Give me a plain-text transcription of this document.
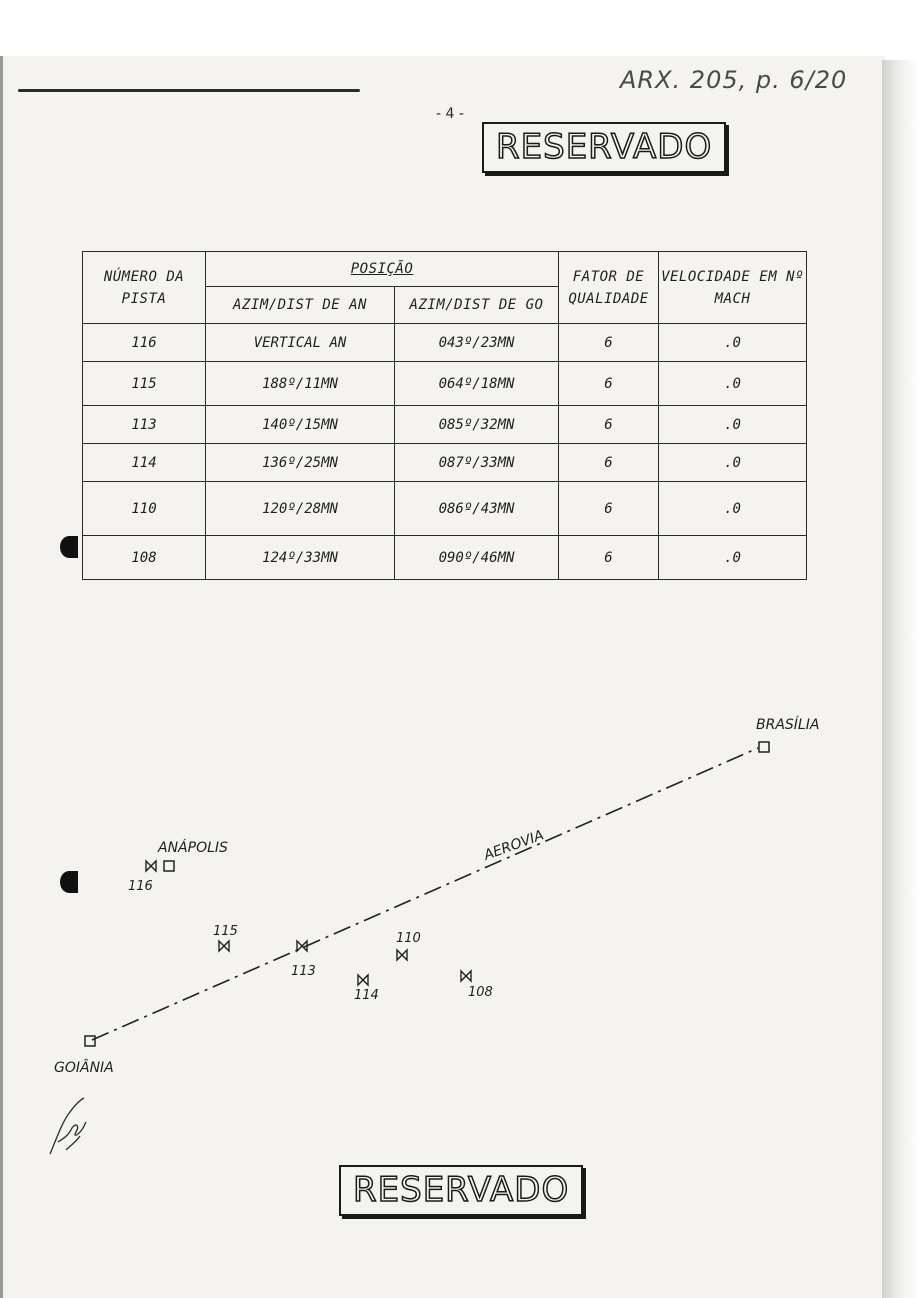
ARX. 205, p. 6/20
- 4 -
RESERVADO
NÚMERO DA PISTA	POSIÇÃO		FATOR DE QUALIDADE	VELOCIDADE EM Nº MACH
	AZIM/DIST DE AN	AZIM/DIST DE GO		
116	VERTICAL AN	043º/23MN	6	.0
115	188º/11MN	064º/18MN	6	.0
113	140º/15MN	085º/32MN	6	.0
114	136º/25MN	087º/33MN	6	.0
110	120º/28MN	086º/43MN	6	.0
108	124º/33MN	090º/46MN	6	.0
AEROVIA
BRASÍLIA
ANÁPOLIS
GOIÂNIA
116
115
113
114
110
108
RESERVADO
